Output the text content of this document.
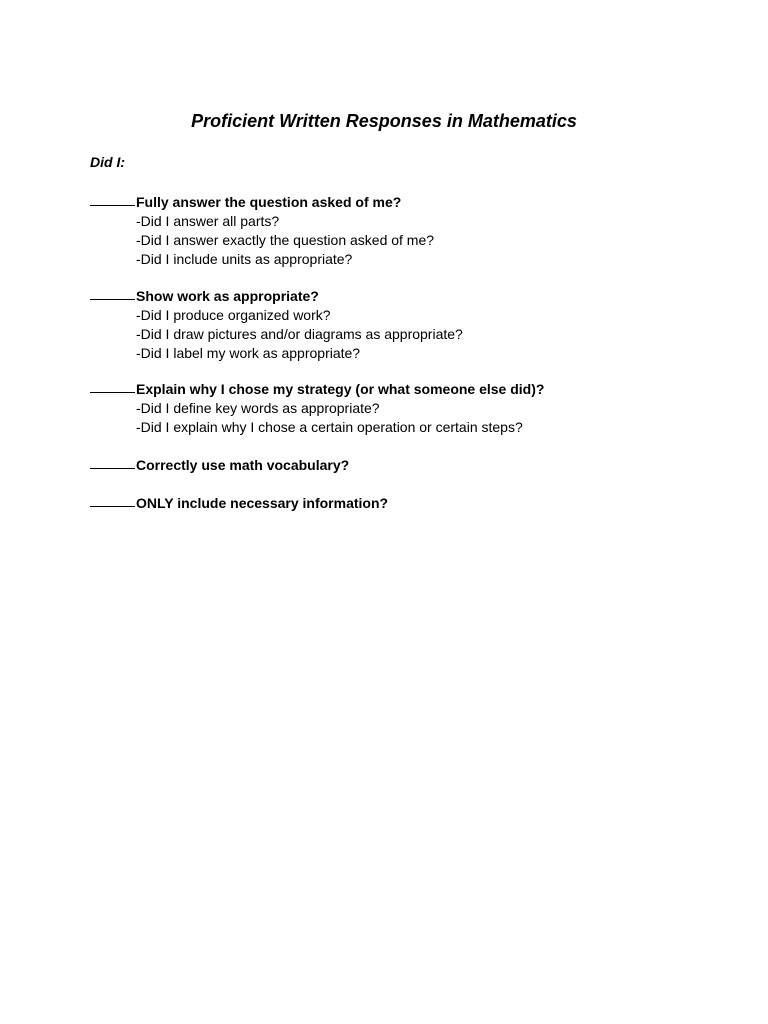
Proficient Written Responses in Mathematics
Did I:
Fully answer the question asked of me?
-Did I answer all parts?
-Did I answer exactly the question asked of me?
-Did I include units as appropriate?
Show work as appropriate?
-Did I produce organized work?
-Did I draw pictures and/or diagrams as appropriate?
-Did I label my work as appropriate?
Explain why I chose my strategy (or what someone else did)?
-Did I define key words as appropriate?
-Did I explain why I chose a certain operation or certain steps?
Correctly use math vocabulary?
ONLY include necessary information?
